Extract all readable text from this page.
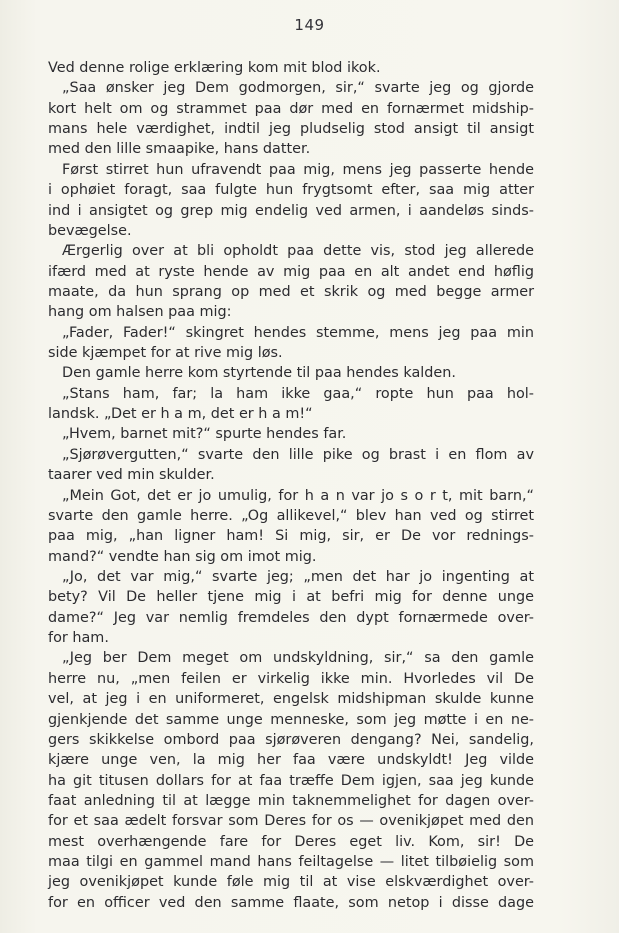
149
Ved denne rolige erklæring kom mit blod ikok.
„Saa ønsker jeg Dem godmorgen, sir,“ svarte jeg og gjorde
kort helt om og strammet paa dør med en fornærmet midship-
mans hele værdighet, indtil jeg pludselig stod ansigt til ansigt
med den lille smaapike, hans datter.
Først stirret hun ufravendt paa mig, mens jeg passerte hende
i ophøiet foragt, saa fulgte hun frygtsomt efter, saa mig atter
ind i ansigtet og grep mig endelig ved armen, i aandeløs sinds-
bevægelse.
Ærgerlig over at bli opholdt paa dette vis, stod jeg allerede
ifærd med at ryste hende av mig paa en alt andet end høflig
maate, da hun sprang op med et skrik og med begge armer
hang om halsen paa mig:
„Fader, Fader!“ skingret hendes stemme, mens jeg paa min
side kjæmpet for at rive mig løs.
Den gamle herre kom styrtende til paa hendes kalden.
„Stans ham, far; la ham ikke gaa,“ ropte hun paa hol-
landsk. „Det er h a m, det er h a m!“
„Hvem, barnet mit?“ spurte hendes far.
„Sjørøvergutten,“ svarte den lille pike og brast i en flom av
taarer ved min skulder.
„Mein Got, det er jo umulig, for h a n var jo s o r t, mit barn,“
svarte den gamle herre. „Og allikevel,“ blev han ved og stirret
paa mig, „han ligner ham! Si mig, sir, er De vor rednings-
mand?“ vendte han sig om imot mig.
„Jo, det var mig,“ svarte jeg; „men det har jo ingenting at
bety? Vil De heller tjene mig i at befri mig for denne unge
dame?“ Jeg var nemlig fremdeles den dypt fornærmede over-
for ham.
„Jeg ber Dem meget om undskyldning, sir,“ sa den gamle
herre nu, „men feilen er virkelig ikke min. Hvorledes vil De
vel, at jeg i en uniformeret, engelsk midshipman skulde kunne
gjenkjende det samme unge menneske, som jeg møtte i en ne-
gers skikkelse ombord paa sjørøveren dengang? Nei, sandelig,
kjære unge ven, la mig her faa være undskyldt! Jeg vilde
ha git titusen dollars for at faa træffe Dem igjen, saa jeg kunde
faat anledning til at lægge min taknemmelighet for dagen over-
for et saa ædelt forsvar som Deres for os — ovenikjøpet med den
mest overhængende fare for Deres eget liv. Kom, sir! De
maa tilgi en gammel mand hans feiltagelse — litet tilbøielig som
jeg ovenikjøpet kunde føle mig til at vise elskværdighet over-
for en officer ved den samme flaate, som netop i disse dage
